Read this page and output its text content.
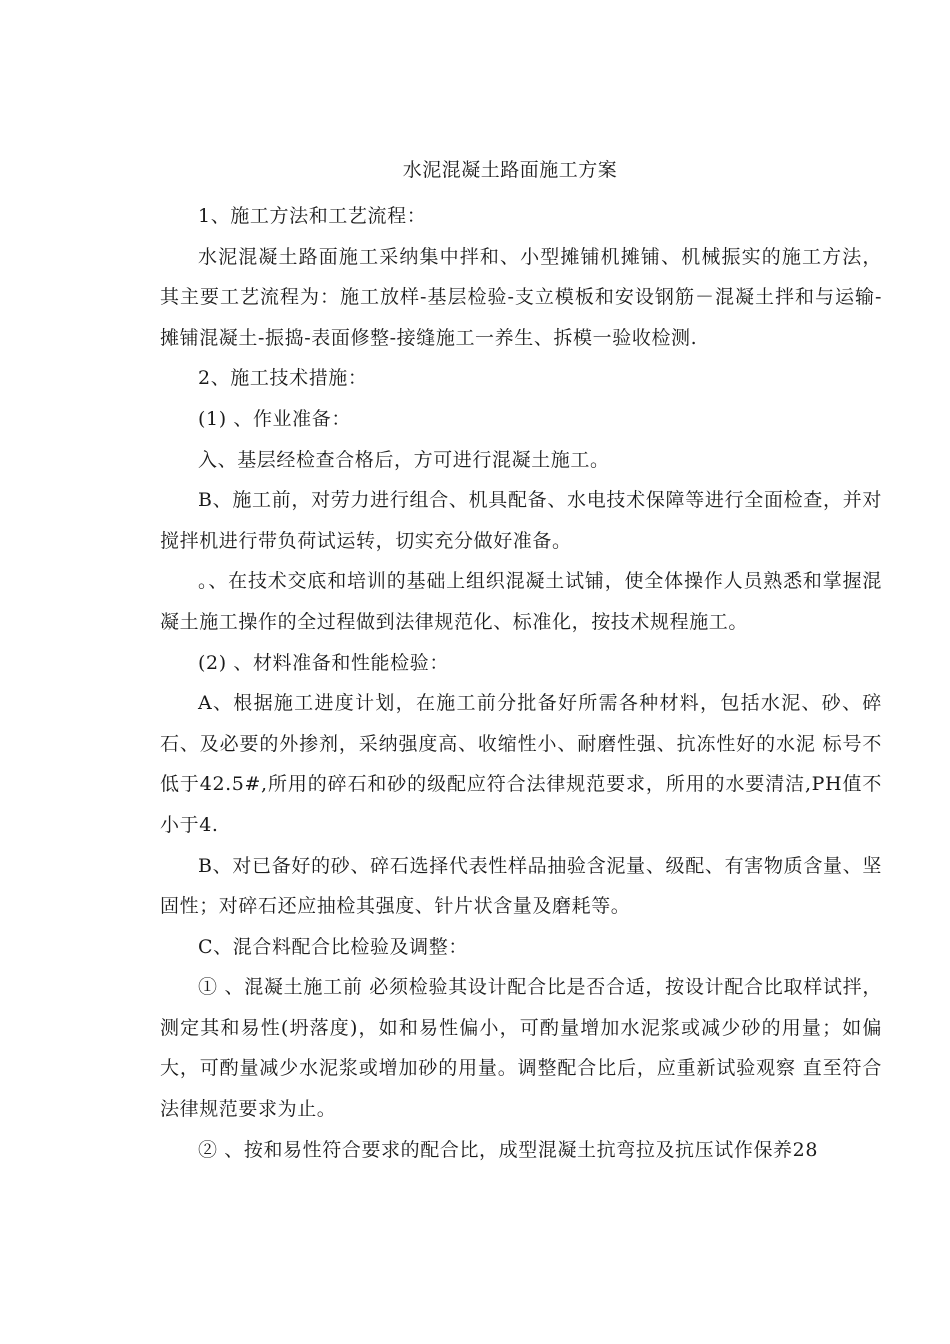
水泥混凝土路面施工方案

1、施工方法和工艺流程：

水泥混凝土路面施工采纳集中拌和、小型摊铺机摊铺、机械振实的施工方法，其主要工艺流程为：施工放样-基层检验-支立模板和安设钢筋－混凝土拌和与运输-摊铺混凝土-振捣-表面修整-接缝施工一养生、拆模一验收检测.

2、施工技术措施：

(1) 、作业准备：

入、基层经检查合格后，方可进行混凝土施工。

B、施工前，对劳力进行组合、机具配备、水电技术保障等进行全面检查，并对搅拌机进行带负荷试运转，切实充分做好准备。

。、在技术交底和培训的基础上组织混凝土试铺，使全体操作人员熟悉和掌握混凝土施工操作的全过程做到法律规范化、标准化，按技术规程施工。

(2) 、材料准备和性能检验：

A、根据施工进度计划，在施工前分批备好所需各种材料，包括水泥、砂、碎石、及必要的外掺剂，采纳强度高、收缩性小、耐磨性强、抗冻性好的水泥 标号不低于42.5#,所用的碎石和砂的级配应符合法律规范要求，所用的水要清洁,PH值不小于4.

B、对已备好的砂、碎石选择代表性样品抽验含泥量、级配、有害物质含量、坚固性；对碎石还应抽检其强度、针片状含量及磨耗等。

C、混合料配合比检验及调整：

① 、混凝土施工前 必须检验其设计配合比是否合适，按设计配合比取样试拌，测定其和易性(坍落度)，如和易性偏小，可酌量增加水泥浆或减少砂的用量；如偏大，可酌量减少水泥浆或增加砂的用量。调整配合比后，应重新试验观察 直至符合法律规范要求为止。

② 、按和易性符合要求的配合比，成型混凝土抗弯拉及抗压试作保养28
